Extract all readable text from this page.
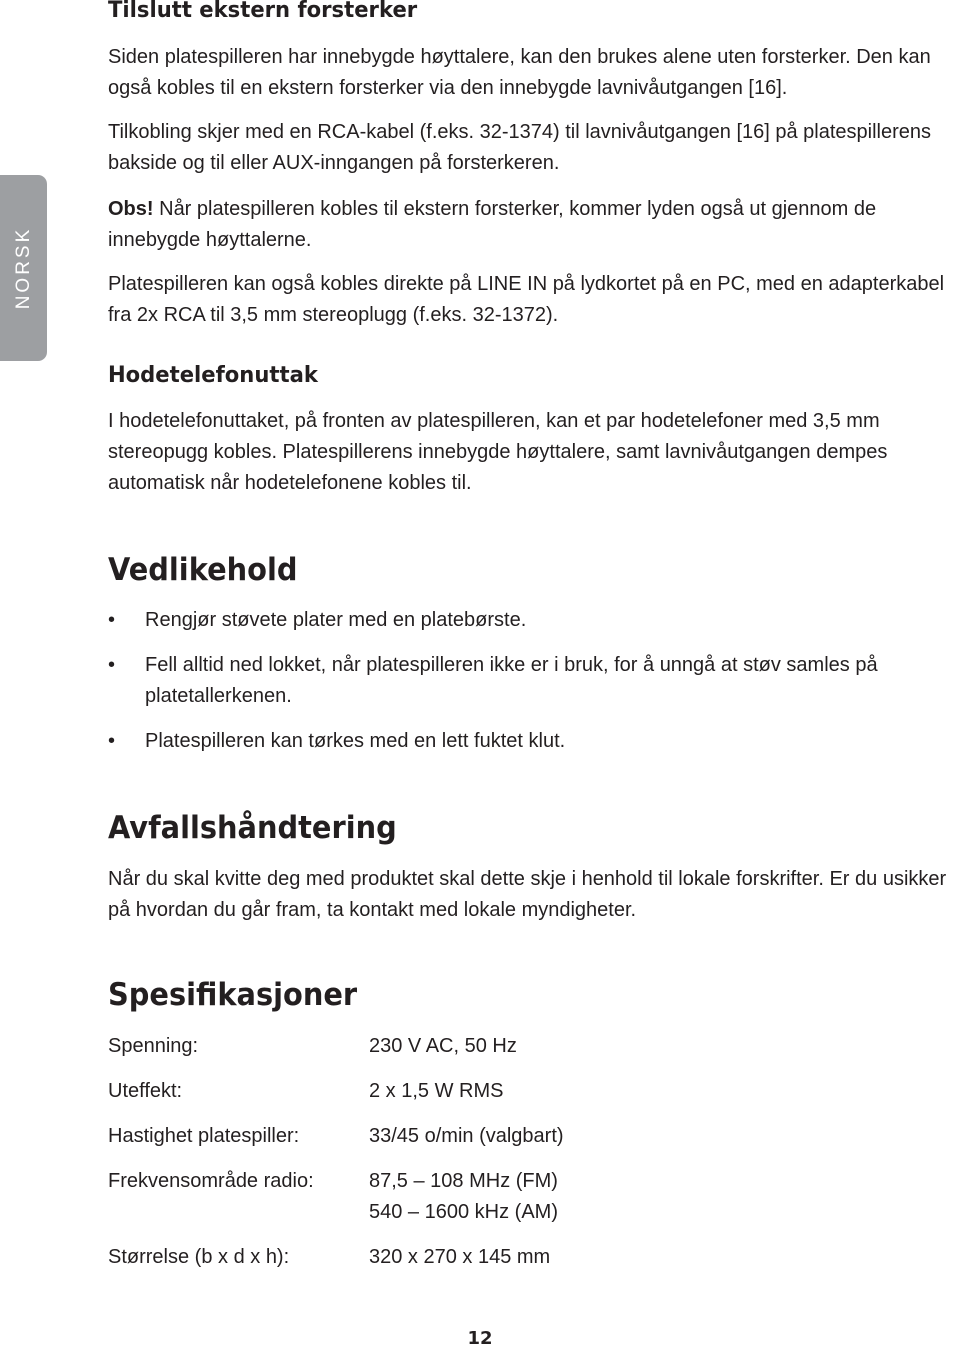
NORSK
Tilslutt ekstern forsterker

Siden platespilleren har innebygde høyttalere, kan den brukes alene uten forsterker. Den kan også kobles til en ekstern forsterker via den innebygde lavnivåutgangen [16].

Tilkobling skjer med en RCA-kabel (f.eks. 32-1374) til lavnivåutgangen [16] på platespillerens bakside og til eller AUX-inngangen på forsterkeren.

Obs! Når platespilleren kobles til ekstern forsterker, kommer lyden også ut gjennom de innebygde høyttalerne.

Platespilleren kan også kobles direkte på LINE IN på lydkortet på en PC, med en adapterkabel fra 2x RCA til 3,5 mm stereoplugg (f.eks. 32-1372).

Hodetelefonuttak

I hodetelefonuttaket, på fronten av platespilleren, kan et par hodetelefoner med 3,5 mm stereopugg kobles. Platespillerens innebygde høyttalere, samt lavnivåutgangen dempes automatisk når hodetelefonene kobles til.

Vedlikehold
• Rengjør støvete plater med en platebørste.
• Fell alltid ned lokket, når platespilleren ikke er i bruk, for å unngå at støv samles på platetallerkenen.
• Platespilleren kan tørkes med en lett fuktet klut.
Avfallshåndtering

Når du skal kvitte deg med produktet skal dette skje i henhold til lokale forskrifter. Er du usikker på hvordan du går fram, ta kontakt med lokale myndigheter.

Spesifikasjoner
Spenning:	230 V AC, 50 Hz
Uteffekt:	2 x 1,5 W RMS
Hastighet platespiller:	33/45 o/min (valgbart)
Frekvensområde radio:	87,5 – 108 MHz (FM)
540 – 1600 kHz (AM)
Størrelse (b x d x h):	320 x 270 x 145 mm
12
